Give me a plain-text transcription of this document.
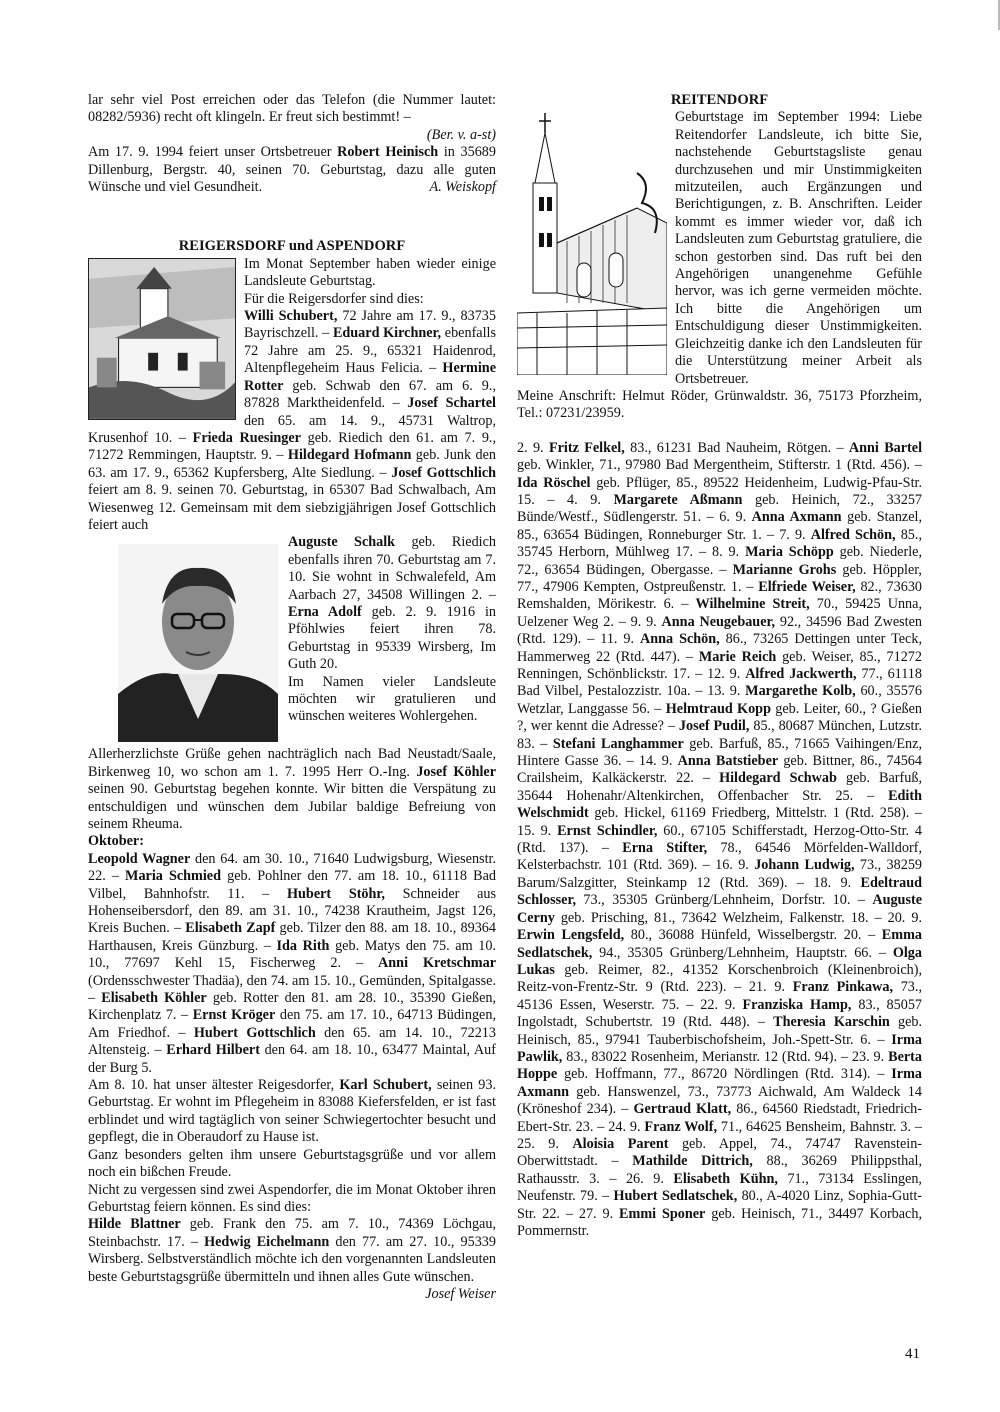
lar sehr viel Post erreichen oder das Telefon (die Nummer lautet: 08282/5936) recht oft klingeln. Er freut sich bestimmt! –

(Ber. v. a-st)

Am 17. 9. 1994 feiert unser Ortsbetreuer Robert Heinisch in 35689 Dillenburg, Bergstr. 40, seinen 70. Geburtstag, dazu alle guten Wünsche und viel Gesundheit.	A. Weiskopf

REIGERSDORF und ASPENDORF

Im Monat September haben wieder einige Landsleute Geburtstag.

Für die Reigersdorfer sind dies:

Willi Schubert, 72 Jahre am 17. 9., 83735 Bayrischzell. – Eduard Kirchner, ebenfalls 72 Jahre am 25. 9., 65321 Haidenrod, Altenpflegeheim Haus Felicia. – Hermine Rotter geb. Schwab den 67. am 6. 9., 87828 Marktheidenfeld. – Josef Schartel den 65. am 14. 9., 45731 Waltrop, Krusenhof 10. – Frieda Ruesinger geb. Riedich den 61. am 7. 9., 71272 Remmingen, Hauptstr. 9. – Hildegard Hofmann geb. Junk den 63. am 17. 9., 65362 Kupfersberg, Alte Siedlung. – Josef Gottschlich feiert am 8. 9. seinen 70. Geburtstag, in 65307 Bad Schwalbach, Am Wiesenweg 12. Gemeinsam mit dem siebzigjährigen Josef Gottschlich feiert auch

Auguste Schalk geb. Riedich ebenfalls ihren 70. Geburtstag am 7. 10. Sie wohnt in Schwalefeld, Am Aarbach 27, 34508 Willingen 2. – Erna Adolf geb. 2. 9. 1916 in Pföhlwies feiert ihren 78. Geburtstag in 95339 Wirsberg, Im Guth 20.

Im Namen vieler Landsleute möchten wir gratulieren und wünschen weiteres Wohlergehen.

Allerherzlichste Grüße gehen nachträglich nach Bad Neustadt/Saale, Birkenweg 10, wo schon am 1. 7. 1995 Herr O.-Ing. Josef Köhler seinen 90. Geburtstag begehen konnte. Wir bitten die Verspätung zu entschuldigen und wünschen dem Jubilar baldige Befreiung von seinem Rheuma.

Oktober:

Leopold Wagner den 64. am 30. 10., 71640 Ludwigsburg, Wiesenstr. 22. – Maria Schmied geb. Pohlner den 77. am 18. 10., 61118 Bad Vilbel, Bahnhofstr. 11. – Hubert Stöhr, Schneider aus Hohenseibersdorf, den 89. am 31. 10., 74238 Krautheim, Jagst 126, Kreis Buchen. – Elisabeth Zapf geb. Tilzer den 88. am 18. 10., 89364 Harthausen, Kreis Günzburg. – Ida Rith geb. Matys den 75. am 10. 10., 77697 Kehl 15, Fischerweg 2. – Anni Kretschmar (Ordensschwester Thadäa), den 74. am 15. 10., Gemünden, Spitalgasse. – Elisabeth Köhler geb. Rotter den 81. am 28. 10., 35390 Gießen, Kirchenplatz 7. – Ernst Kröger den 75. am 17. 10., 64713 Büdingen, Am Friedhof. – Hubert Gottschlich den 65. am 14. 10., 72213 Altensteig. – Erhard Hilbert den 64. am 18. 10., 63477 Maintal, Auf der Burg 5.

Am 8. 10. hat unser ältester Reigesdorfer, Karl Schubert, seinen 93. Geburtstag. Er wohnt im Pflegeheim in 83088 Kiefersfelden, er ist fast erblindet und wird tagtäglich von seiner Schwiegertochter besucht und gepflegt, die in Oberaudorf zu Hause ist.

Ganz besonders gelten ihm unsere Geburtstagsgrüße und vor allem noch ein bißchen Freude.

Nicht zu vergessen sind zwei Aspendorfer, die im Monat Oktober ihren Geburtstag feiern können. Es sind dies:

Hilde Blattner geb. Frank den 75. am 7. 10., 74369 Löchgau, Steinbachstr. 17. – Hedwig Eichelmann den 77. am 27. 10., 95339 Wirsberg. Selbstverständlich möchte ich den vorgenannten Landsleuten beste Geburtstagsgrüße übermitteln und ihnen alles Gute wünschen.
Josef Weiser

REITENDORF

Geburtstage im September 1994: Liebe Reitendorfer Landsleute, ich bitte Sie, nachstehende Geburtstagsliste genau durchzusehen und mir Unstimmigkeiten mitzuteilen, auch Ergänzungen und Berichtigungen, z. B. Anschriften. Leider kommt es immer wieder vor, daß ich Landsleuten zum Geburtstag gratuliere, die schon gestorben sind. Das ruft bei den Angehörigen unangenehme Gefühle hervor, was ich gerne vermeiden möchte. Ich bitte die Angehörigen um Entschuldigung dieser Unstimmigkeiten. Gleichzeitig danke ich den Landsleuten für die Unterstützung meiner Arbeit als Ortsbetreuer.

Meine Anschrift: Helmut Röder, Grünwaldstr. 36, 75173 Pforzheim, Tel.: 07231/23959.

2. 9. Fritz Felkel, 83., 61231 Bad Nauheim, Rötgen. – Anni Bartel geb. Winkler, 71., 97980 Bad Mergentheim, Stifterstr. 1 (Rtd. 456). – Ida Röschel geb. Pflüger, 85., 89522 Heidenheim, Ludwig-Pfau-Str. 15. – 4. 9. Margarete Aßmann geb. Heinich, 72., 33257 Bünde/Westf., Südlengerstr. 51. – 6. 9. Anna Axmann geb. Stanzel, 85., 63654 Büdingen, Ronneburger Str. 1. – 7. 9. Alfred Schön, 85., 35745 Herborn, Mühlweg 17. – 8. 9. Maria Schöpp geb. Niederle, 72., 63654 Büdingen, Obergasse. – Marianne Grohs geb. Höppler, 77., 47906 Kempten, Ostpreußenstr. 1. – Elfriede Weiser, 82., 73630 Remshalden, Mörikestr. 6. – Wilhelmine Streit, 70., 59425 Unna, Uelzener Weg 2. – 9. 9. Anna Neugebauer, 92., 34596 Bad Zwesten (Rtd. 129). – 11. 9. Anna Schön, 86., 73265 Dettingen unter Teck, Hammerweg 22 (Rtd. 447). – Marie Reich geb. Weiser, 85., 71272 Renningen, Schönblickstr. 17. – 12. 9. Alfred Jackwerth, 77., 61118 Bad Vilbel, Pestalozzistr. 10a. – 13. 9. Margarethe Kolb, 60., 35576 Wetzlar, Langgasse 56. – Helmtraud Kopp geb. Leiter, 60., ? Gießen ?, wer kennt die Adresse? – Josef Pudil, 85., 80687 München, Lutzstr. 83. – Stefani Langhammer geb. Barfuß, 85., 71665 Vaihingen/Enz, Hintere Gasse 36. – 14. 9. Anna Batstieber geb. Bittner, 86., 74564 Crailsheim, Kalkäckerstr. 22. – Hildegard Schwab geb. Barfuß, 35644 Hohenahr/Altenkirchen, Offenbacher Str. 25. – Edith Welschmidt geb. Hickel, 61169 Friedberg, Mittelstr. 1 (Rtd. 258). – 15. 9. Ernst Schindler, 60., 67105 Schifferstadt, Herzog-Otto-Str. 4 (Rtd. 137). – Erna Stifter, 78., 64546 Mörfelden-Walldorf, Kelsterbachstr. 101 (Rtd. 369). – 16. 9. Johann Ludwig, 73., 38259 Barum/Salzgitter, Steinkamp 12 (Rtd. 369). – 18. 9. Edeltraud Schlosser, 73., 35305 Grünberg/Lehnheim, Dorfstr. 10. – Auguste Cerny geb. Prisching, 81., 73642 Welzheim, Falkenstr. 18. – 20. 9. Erwin Lengsfeld, 80., 36088 Hünfeld, Wisselbergstr. 20. – Emma Sedlatschek, 94., 35305 Grünberg/Lehnheim, Hauptstr. 66. – Olga Lukas geb. Reimer, 82., 41352 Korschenbroich (Kleinenbroich), Reitz-von-Frentz-Str. 9 (Rtd. 223). – 21. 9. Franz Pinkawa, 73., 45136 Essen, Weserstr. 75. – 22. 9. Franziska Hamp, 83., 85057 Ingolstadt, Schubertstr. 19 (Rtd. 448). – Theresia Karschin geb. Heinisch, 85., 97941 Tauberbischofsheim, Joh.-Spett-Str. 6. – Irma Pawlik, 83., 83022 Rosenheim, Merianstr. 12 (Rtd. 94). – 23. 9. Berta Hoppe geb. Hoffmann, 77., 86720 Nördlingen (Rtd. 314). – Irma Axmann geb. Hanswenzel, 73., 73773 Aichwald, Am Waldeck 14 (Kröneshof 234). – Gertraud Klatt, 86., 64560 Riedstadt, Friedrich-Ebert-Str. 23. – 24. 9. Franz Wolf, 71., 64625 Bensheim, Bahnstr. 3. – 25. 9. Aloisia Parent geb. Appel, 74., 74747 Ravenstein-Oberwittstadt. – Mathilde Dittrich, 88., 36269 Philippsthal, Rathausstr. 3. – 26. 9. Elisabeth Kühn, 71., 73134 Esslingen, Neufenstr. 79. – Hubert Sedlatschek, 80., A-4020 Linz, Sophia-Gutt-Str. 22. – 27. 9. Emmi Sponer geb. Heinisch, 71., 34497 Korbach, Pommernstr.

41
